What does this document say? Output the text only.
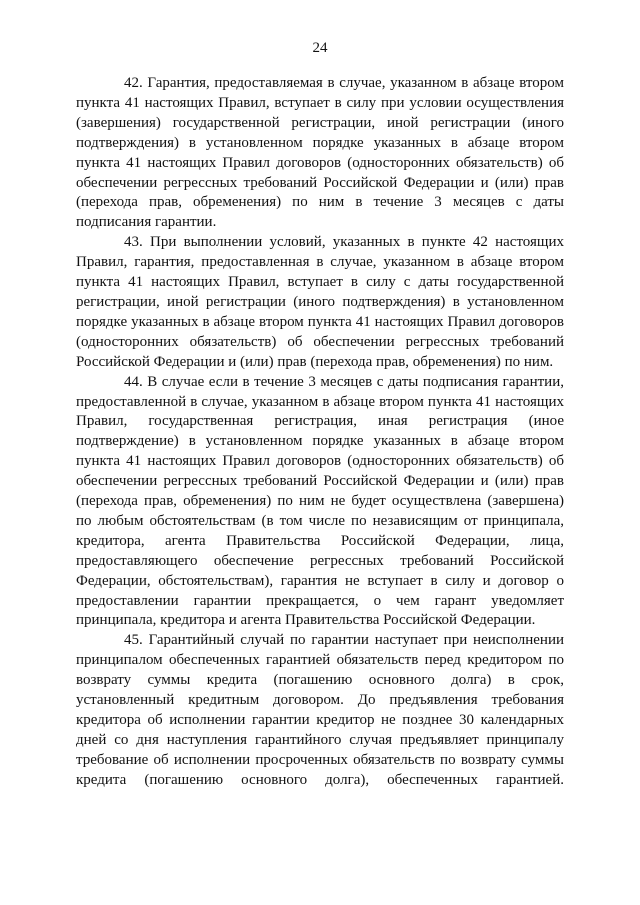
24

42. Гарантия, предоставляемая в случае, указанном в абзаце втором пункта 41 настоящих Правил, вступает в силу при условии осуществления (завершения) государственной регистрации, иной регистрации (иного подтверждения) в установленном порядке указанных в абзаце втором пункта 41 настоящих Правил договоров (односторонних обязательств) об обеспечении регрессных требований Российской Федерации и (или) прав (перехода прав, обременения) по ним в течение 3 месяцев с даты подписания гарантии.

43. При выполнении условий, указанных в пункте 42 настоящих Правил, гарантия, предоставленная в случае, указанном в абзаце втором пункта 41 настоящих Правил, вступает в силу с даты государственной регистрации, иной регистрации (иного подтверждения) в установленном порядке указанных в абзаце втором пункта 41 настоящих Правил договоров (односторонних обязательств) об обеспечении регрессных требований Российской Федерации и (или) прав (перехода прав, обременения) по ним.

44. В случае если в течение 3 месяцев с даты подписания гарантии, предоставленной в случае, указанном в абзаце втором пункта 41 настоящих Правил, государственная регистрация, иная регистрация (иное подтверждение) в установленном порядке указанных в абзаце втором пункта 41 настоящих Правил договоров (односторонних обязательств) об обеспечении регрессных требований Российской Федерации и (или) прав (перехода прав, обременения) по ним не будет осуществлена (завершена) по любым обстоятельствам (в том числе по независящим от принципала, кредитора, агента Правительства Российской Федерации, лица, предоставляющего обеспечение регрессных требований Российской Федерации, обстоятельствам), гарантия не вступает в силу и договор о предоставлении гарантии прекращается, о чем гарант уведомляет принципала, кредитора и агента Правительства Российской Федерации.

45. Гарантийный случай по гарантии наступает при неисполнении принципалом обеспеченных гарантией обязательств перед кредитором по возврату суммы кредита (погашению основного долга) в срок, установленный кредитным договором. До предъявления требования кредитора об исполнении гарантии кредитор не позднее 30 календарных дней со дня наступления гарантийного случая предъявляет принципалу требование об исполнении просроченных обязательств по возврату суммы кредита (погашению основного долга), обеспеченных гарантией.
